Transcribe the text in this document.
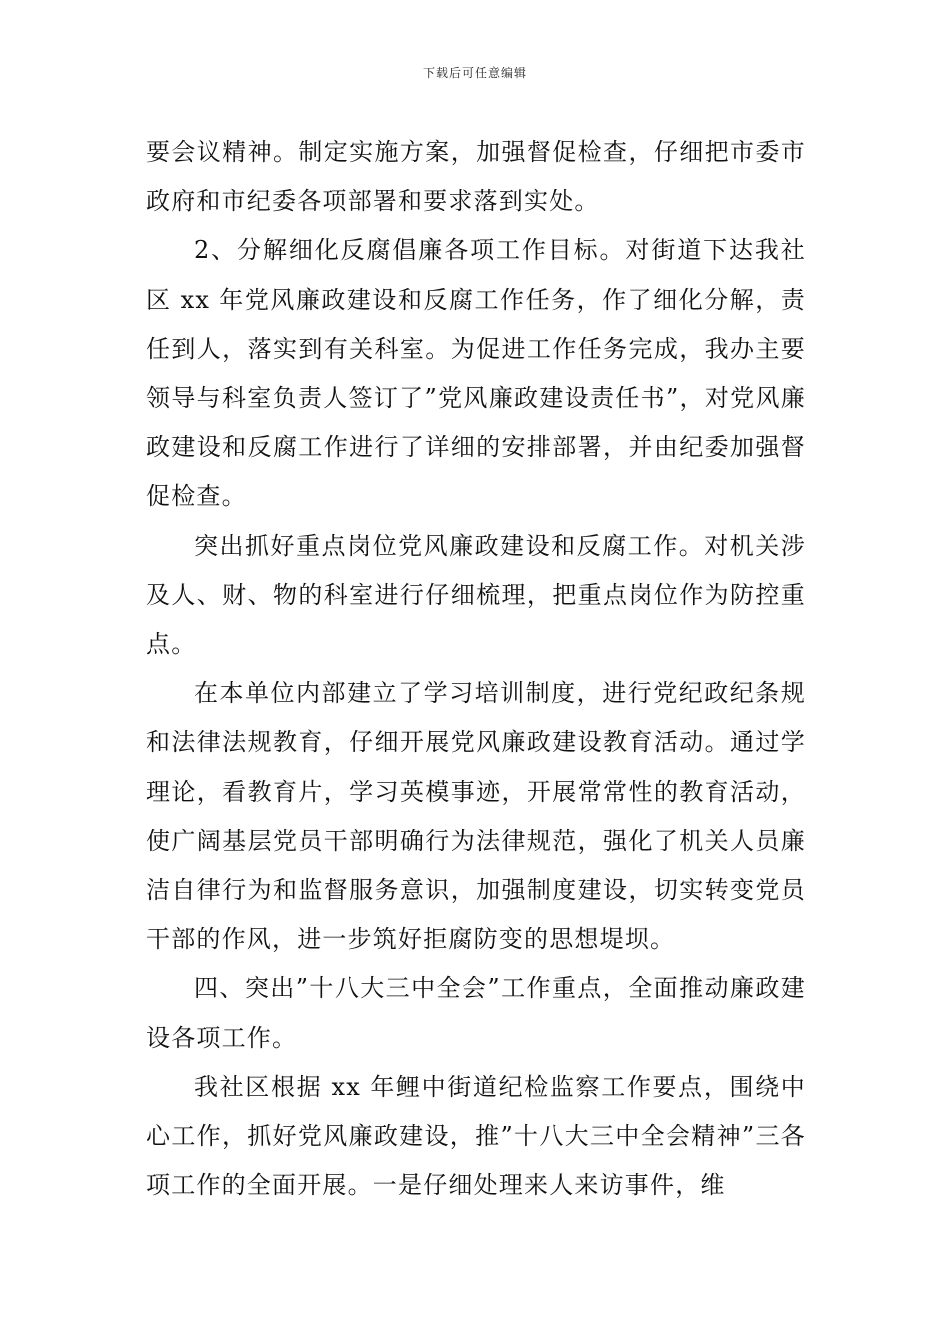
下载后可任意编辑

要会议精神。制定实施方案，加强督促检查，仔细把市委市政府和市纪委各项部署和要求落到实处。

2、分解细化反腐倡廉各项工作目标。对街道下达我社区 xx 年党风廉政建设和反腐工作任务，作了细化分解，责任到人，落实到有关科室。为促进工作任务完成，我办主要领导与科室负责人签订了”党风廉政建设责任书”，对党风廉政建设和反腐工作进行了详细的安排部署，并由纪委加强督促检查。

突出抓好重点岗位党风廉政建设和反腐工作。对机关涉及人、财、物的科室进行仔细梳理，把重点岗位作为防控重点。

在本单位内部建立了学习培训制度，进行党纪政纪条规和法律法规教育，仔细开展党风廉政建设教育活动。通过学理论，看教育片，学习英模事迹，开展常常性的教育活动，使广阔基层党员干部明确行为法律规范，强化了机关人员廉洁自律行为和监督服务意识，加强制度建设，切实转变党员干部的作风，进一步筑好拒腐防变的思想堤坝。

四、突出”十八大三中全会”工作重点，全面推动廉政建设各项工作。

我社区根据 xx 年鲤中街道纪检监察工作要点，围绕中心工作，抓好党风廉政建设，推”十八大三中全会精神”三各项工作的全面开展。一是仔细处理来人来访事件，维
